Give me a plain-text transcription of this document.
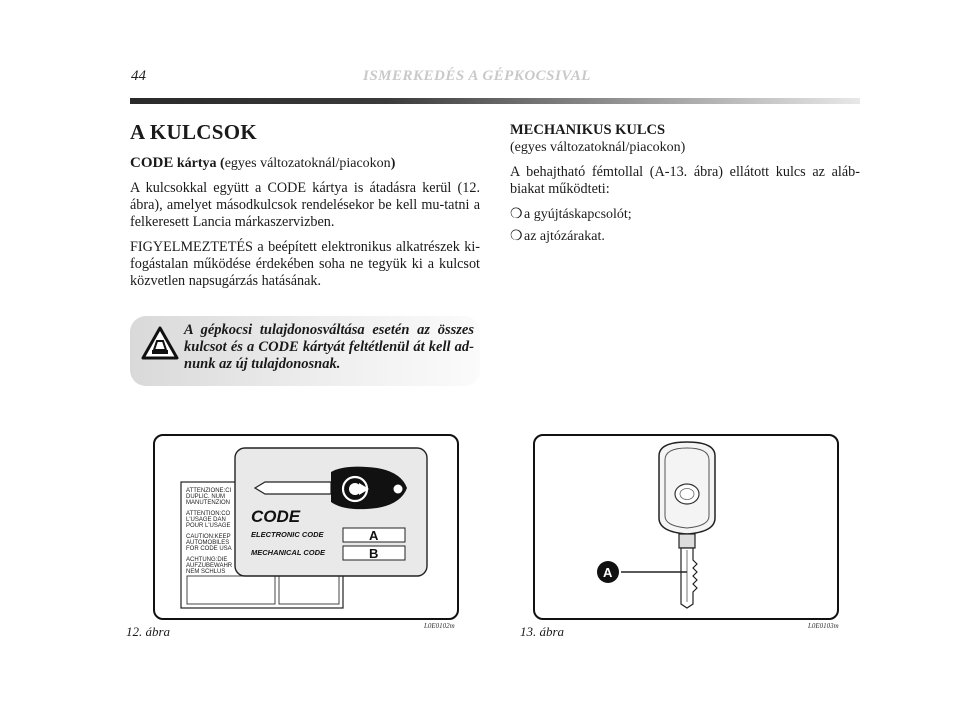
44	ISMERKEDÉS A GÉPKOCSIVAL
A KULCSOK
CODE kártya (egyes változatoknál/piacokon)

A kulcsokkal együtt a CODE kártya is átadásra kerül (12. ábra), amelyet másodkulcsok rendelésekor be kell mu-tatni a felkeresett Lancia márkaszervizben.

FIGYELMEZTETÉS a beépített elektronikus alkatrészek ki-fogástalan működése érdekében soha ne tegyük ki a kulcsot közvetlen napsugárzás hatásának.

A gépkocsi tulajdonosváltása esetén az összes kulcsot és a CODE kártyát feltétlenül át kell ad-nunk az új tulajdonosnak.
MECHANIKUS KULCS
(egyes változatoknál/piacokon)

A behajtható fémtollal (A-13. ábra) ellátott kulcs az aláb-biakat működteti:

❍a gyújtáskapcsolót;
❍az ajtózárakat.
ATTENZIONE:CI
DUPLIC. NUM
MANUTENZION
ATTENTION:CO
L'USAGE DAN
POUR L'USAGE
CAUTION:KEEP
AUTOMOBILES
FOR CODE USA
ACHTUNG:DIE
AUFZUBEWAHR
NEM SCHLUS
CODE
ELECTRONIC CODE	A
MECHANICAL CODE	B
12. ábra	L0E0102m
A
13. ábra	L0E0103m
